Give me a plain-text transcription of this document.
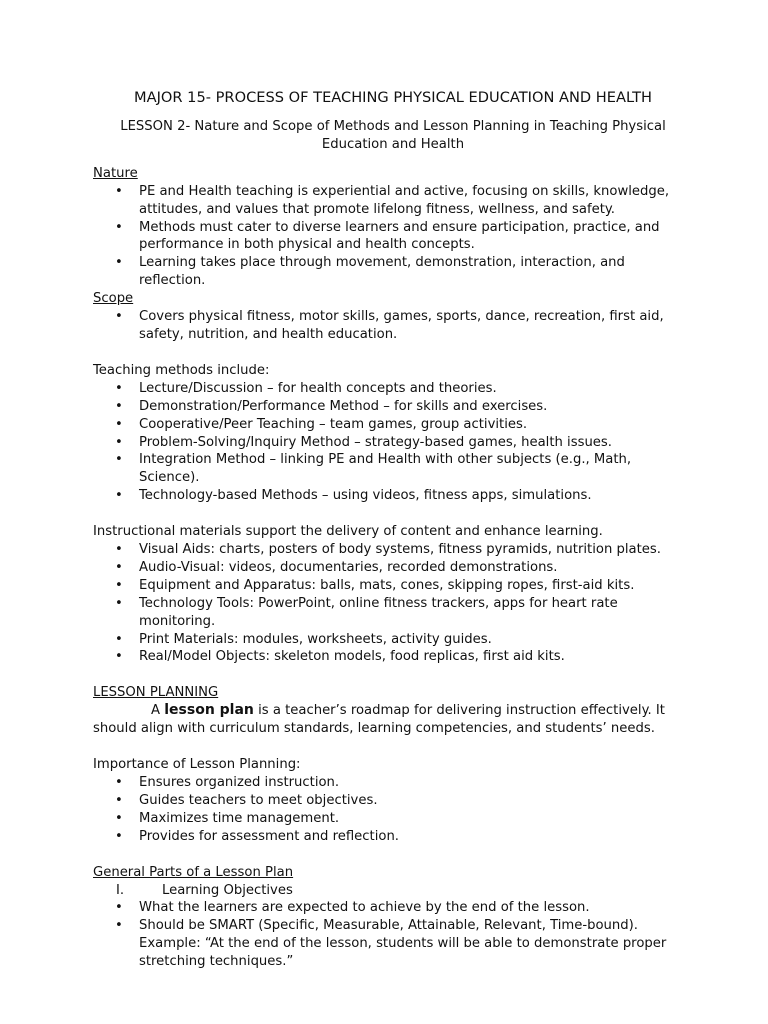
MAJOR 15- PROCESS OF TEACHING PHYSICAL EDUCATION AND HEALTH
LESSON 2- Nature and Scope of Methods and Lesson Planning in Teaching Physical Education and Health
Nature
• PE and Health teaching is experiential and active, focusing on skills, knowledge, attitudes, and values that promote lifelong fitness, wellness, and safety.
• Methods must cater to diverse learners and ensure participation, practice, and performance in both physical and health concepts.
• Learning takes place through movement, demonstration, interaction, and reflection.
Scope
• Covers physical fitness, motor skills, games, sports, dance, recreation, first aid, safety, nutrition, and health education.
Teaching methods include:
• Lecture/Discussion – for health concepts and theories.
• Demonstration/Performance Method – for skills and exercises.
• Cooperative/Peer Teaching – team games, group activities.
• Problem-Solving/Inquiry Method – strategy-based games, health issues.
• Integration Method – linking PE and Health with other subjects (e.g., Math, Science).
• Technology-based Methods – using videos, fitness apps, simulations.
Instructional materials support the delivery of content and enhance learning.
• Visual Aids: charts, posters of body systems, fitness pyramids, nutrition plates.
• Audio-Visual: videos, documentaries, recorded demonstrations.
• Equipment and Apparatus: balls, mats, cones, skipping ropes, first-aid kits.
• Technology Tools: PowerPoint, online fitness trackers, apps for heart rate monitoring.
• Print Materials: modules, worksheets, activity guides.
• Real/Model Objects: skeleton models, food replicas, first aid kits.
LESSON PLANNING

A lesson plan is a teacher’s roadmap for delivering instruction effectively. It should align with curriculum standards, learning competencies, and students’ needs.

Importance of Lesson Planning:
• Ensures organized instruction.
• Guides teachers to meet objectives.
• Maximizes time management.
• Provides for assessment and reflection.
General Parts of a Lesson Plan
I.	Learning Objectives
• What the learners are expected to achieve by the end of the lesson.
• Should be SMART (Specific, Measurable, Attainable, Relevant, Time-bound). Example: “At the end of the lesson, students will be able to demonstrate proper stretching techniques.”
